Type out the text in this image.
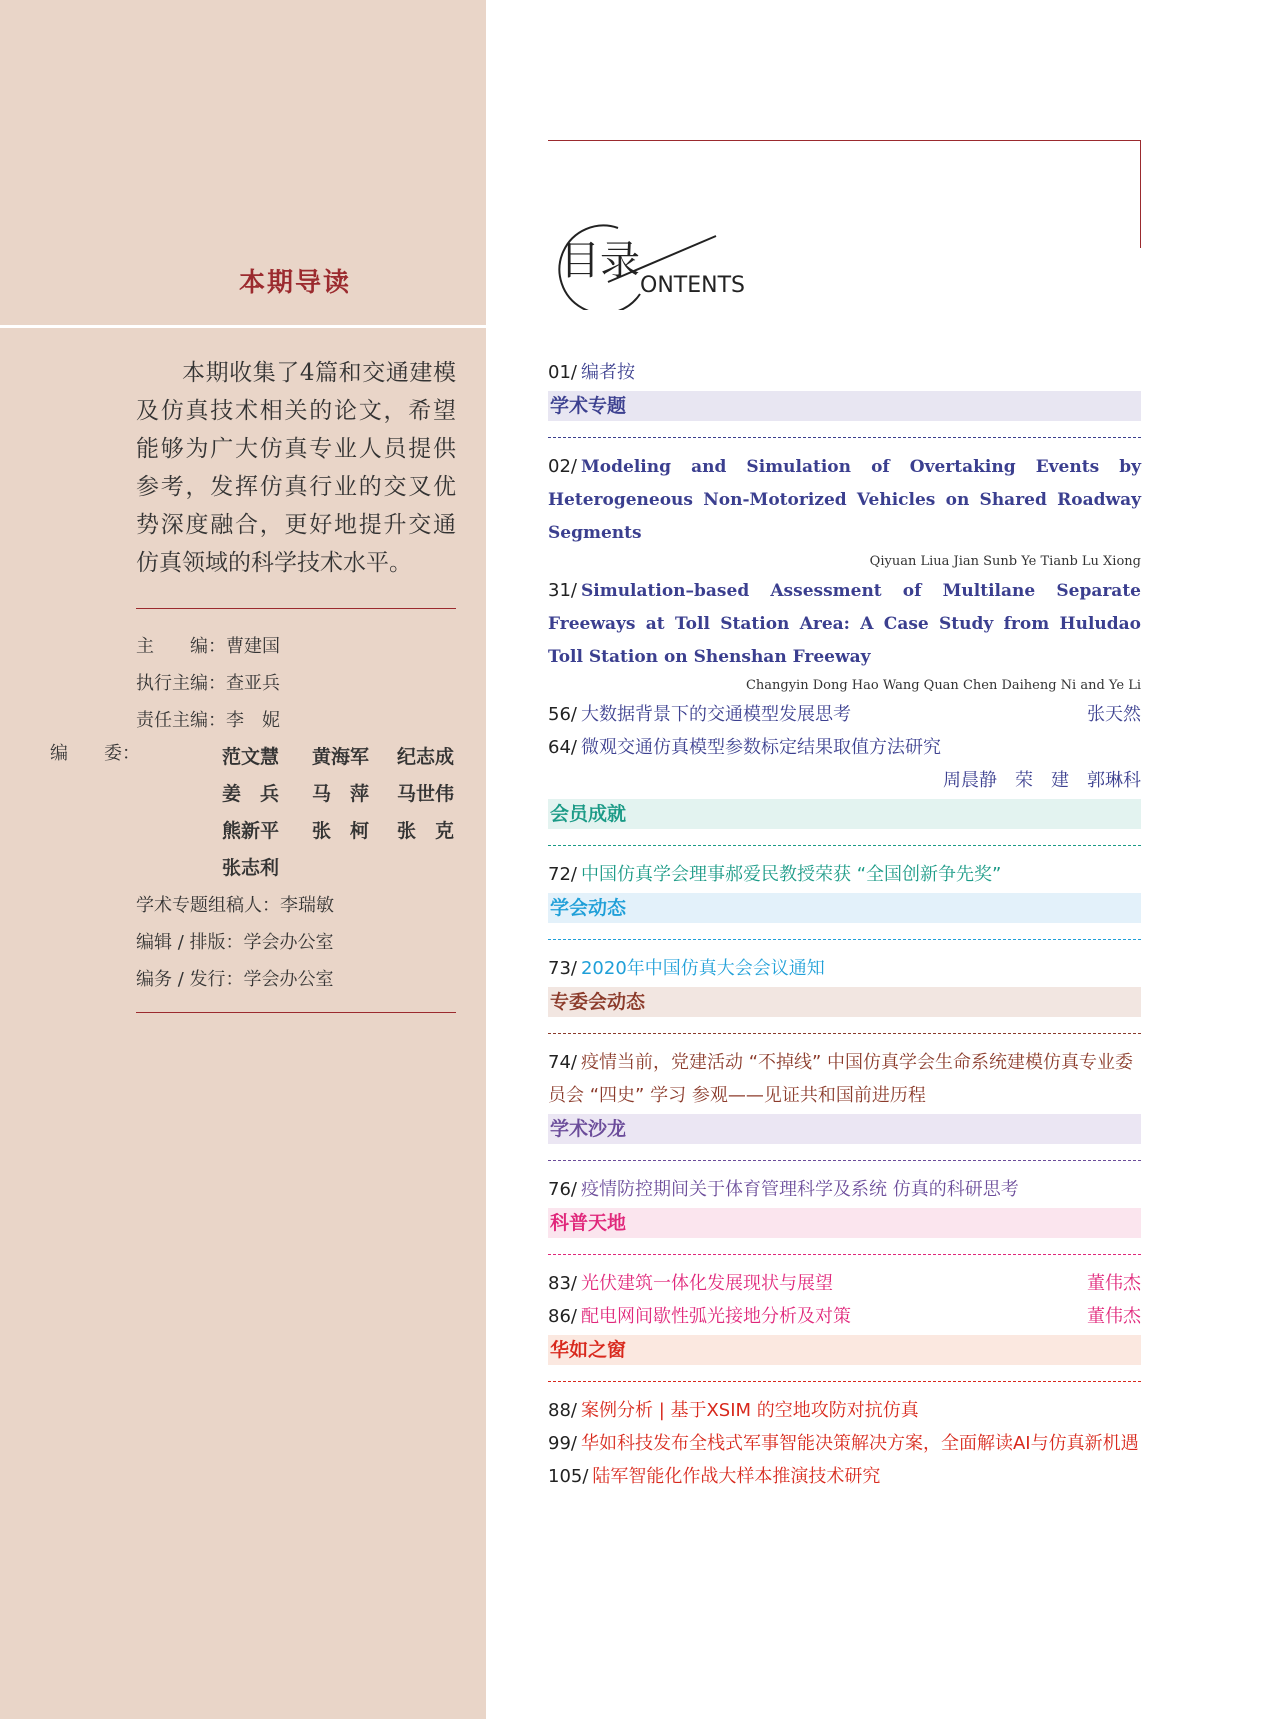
本期导读
本期收集了4篇和交通建模及仿真技术相关的论文，希望能够为广大仿真专业人员提供参考，发挥仿真行业的交叉优势深度融合，更好地提升交通仿真领域的科学技术水平。
主　　编：曹建国
执行主编：查亚兵
责任主编：李　妮
编　　委：	范文慧	黄海军	纪志成
姜　兵	马　萍	马世伟
熊新平	张　柯	张　克
张志利
学术专题组稿人：李瑞敏
编辑 / 排版：学会办公室
编务 / 发行：学会办公室
目录
ONTENTS
01/ 编者按
学术专题
02/ Modeling and Simulation of Overtaking Events by Heterogeneous Non-Motorized Vehicles on Shared Roadway Segments
Qiyuan Liua Jian Sunb Ye Tianb Lu Xiong
31/ Simulation–based Assessment of Multilane Separate Freeways at Toll Station Area: A Case Study from Huludao Toll Station on Shenshan Freeway
Changyin Dong Hao Wang Quan Chen Daiheng Ni and Ye Li
56/ 大数据背景下的交通模型发展思考	张天然
64/ 微观交通仿真模型参数标定结果取值方法研究
周晨静　荣　建　郭琳科
会员成就
72/ 中国仿真学会理事郝爱民教授荣获 “全国创新争先奖”
学会动态
73/ 2020年中国仿真大会会议通知
专委会动态
74/ 疫情当前，党建活动 “不掉线” 中国仿真学会生命系统建模仿真专业委员会 “四史” 学习 参观——见证共和国前进历程
学术沙龙
76/ 疫情防控期间关于体育管理科学及系统 仿真的科研思考
科普天地
83/ 光伏建筑一体化发展现状与展望	董伟杰
86/ 配电网间歇性弧光接地分析及对策	董伟杰
华如之窗
88/ 案例分析 | 基于XSIM 的空地攻防对抗仿真
99/ 华如科技发布全栈式军事智能决策解决方案，全面解读AI与仿真新机遇
105/ 陆军智能化作战大样本推演技术研究
